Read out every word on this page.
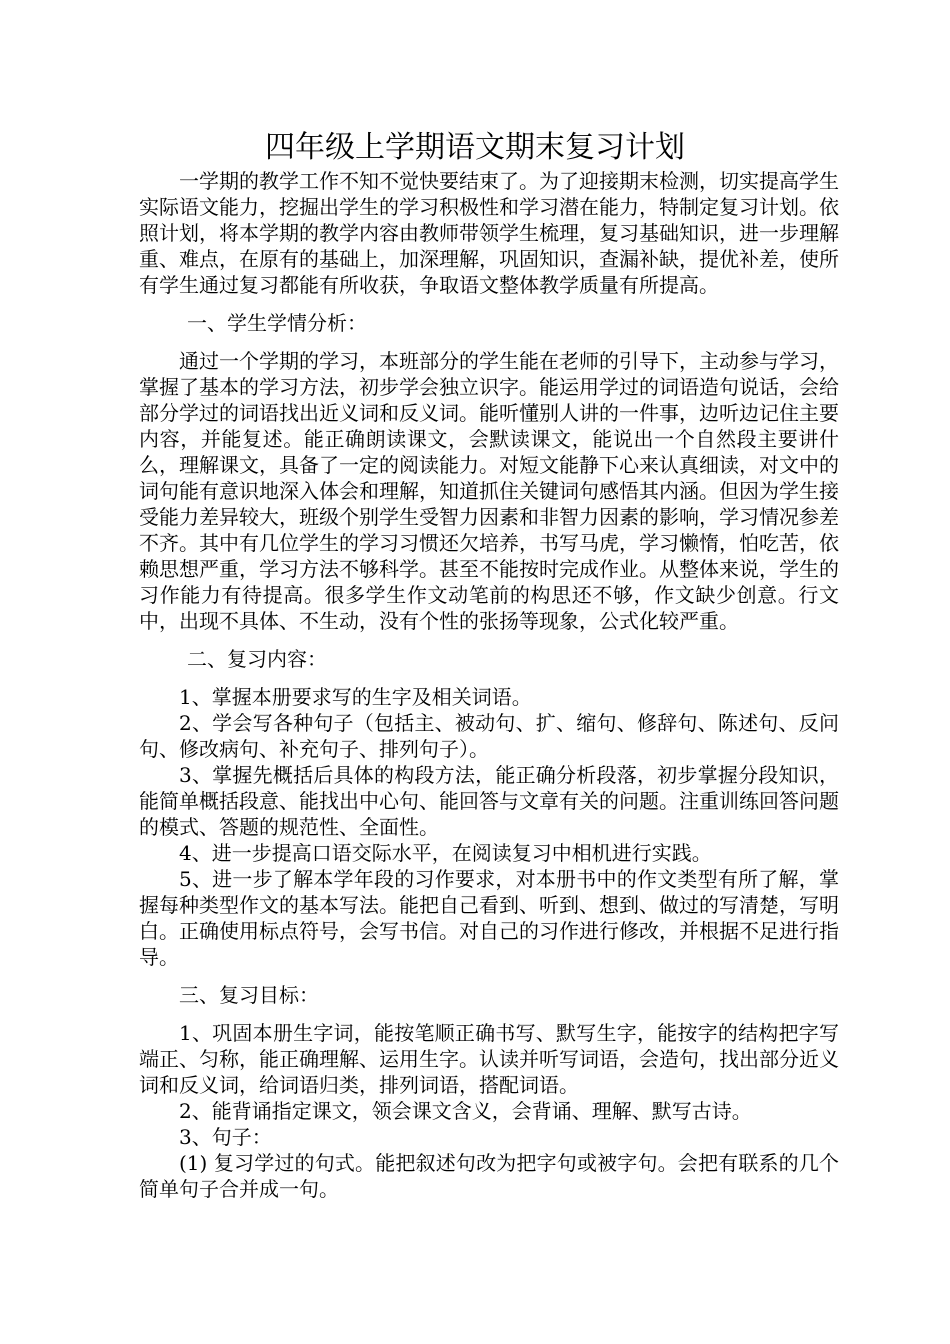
四年级上学期语文期末复习计划

一学期的教学工作不知不觉快要结束了。为了迎接期末检测，切实提高学生实际语文能力，挖掘出学生的学习积极性和学习潜在能力，特制定复习计划。依照计划，将本学期的教学内容由教师带领学生梳理，复习基础知识，进一步理解重、难点，在原有的基础上，加深理解，巩固知识，查漏补缺，提优补差，使所有学生通过复习都能有所收获，争取语文整体教学质量有所提高。

一、学生学情分析：

通过一个学期的学习，本班部分的学生能在老师的引导下，主动参与学习，掌握了基本的学习方法，初步学会独立识字。能运用学过的词语造句说话，会给部分学过的词语找出近义词和反义词。能听懂别人讲的一件事，边听边记住主要内容，并能复述。能正确朗读课文，会默读课文，能说出一个自然段主要讲什么，理解课文，具备了一定的阅读能力。对短文能静下心来认真细读，对文中的词句能有意识地深入体会和理解，知道抓住关键词句感悟其内涵。但因为学生接受能力差异较大，班级个别学生受智力因素和非智力因素的影响，学习情况参差不齐。其中有几位学生的学习习惯还欠培养，书写马虎，学习懒惰，怕吃苦，依赖思想严重，学习方法不够科学。甚至不能按时完成作业。从整体来说，学生的习作能力有待提高。很多学生作文动笔前的构思还不够，作文缺少创意。行文中，出现不具体、不生动，没有个性的张扬等现象，公式化较严重。

二、复习内容：

1、掌握本册要求写的生字及相关词语。

2、学会写各种句子（包括主、被动句、扩、缩句、修辞句、陈述句、反问句、修改病句、补充句子、排列句子）。

3、掌握先概括后具体的构段方法，能正确分析段落，初步掌握分段知识，能简单概括段意、能找出中心句、能回答与文章有关的问题。注重训练回答问题的模式、答题的规范性、全面性。

4、进一步提高口语交际水平，在阅读复习中相机进行实践。

5、进一步了解本学年段的习作要求，对本册书中的作文类型有所了解，掌握每种类型作文的基本写法。能把自己看到、听到、想到、做过的写清楚，写明白。正确使用标点符号，会写书信。对自己的习作进行修改，并根据不足进行指导。

三、复习目标：

1、巩固本册生字词，能按笔顺正确书写、默写生字，能按字的结构把字写端正、匀称，能正确理解、运用生字。认读并听写词语，会造句，找出部分近义词和反义词，给词语归类，排列词语，搭配词语。

2、能背诵指定课文，领会课文含义，会背诵、理解、默写古诗。

3、句子：

(1) 复习学过的句式。能把叙述句改为把字句或被字句。会把有联系的几个简单句子合并成一句。
